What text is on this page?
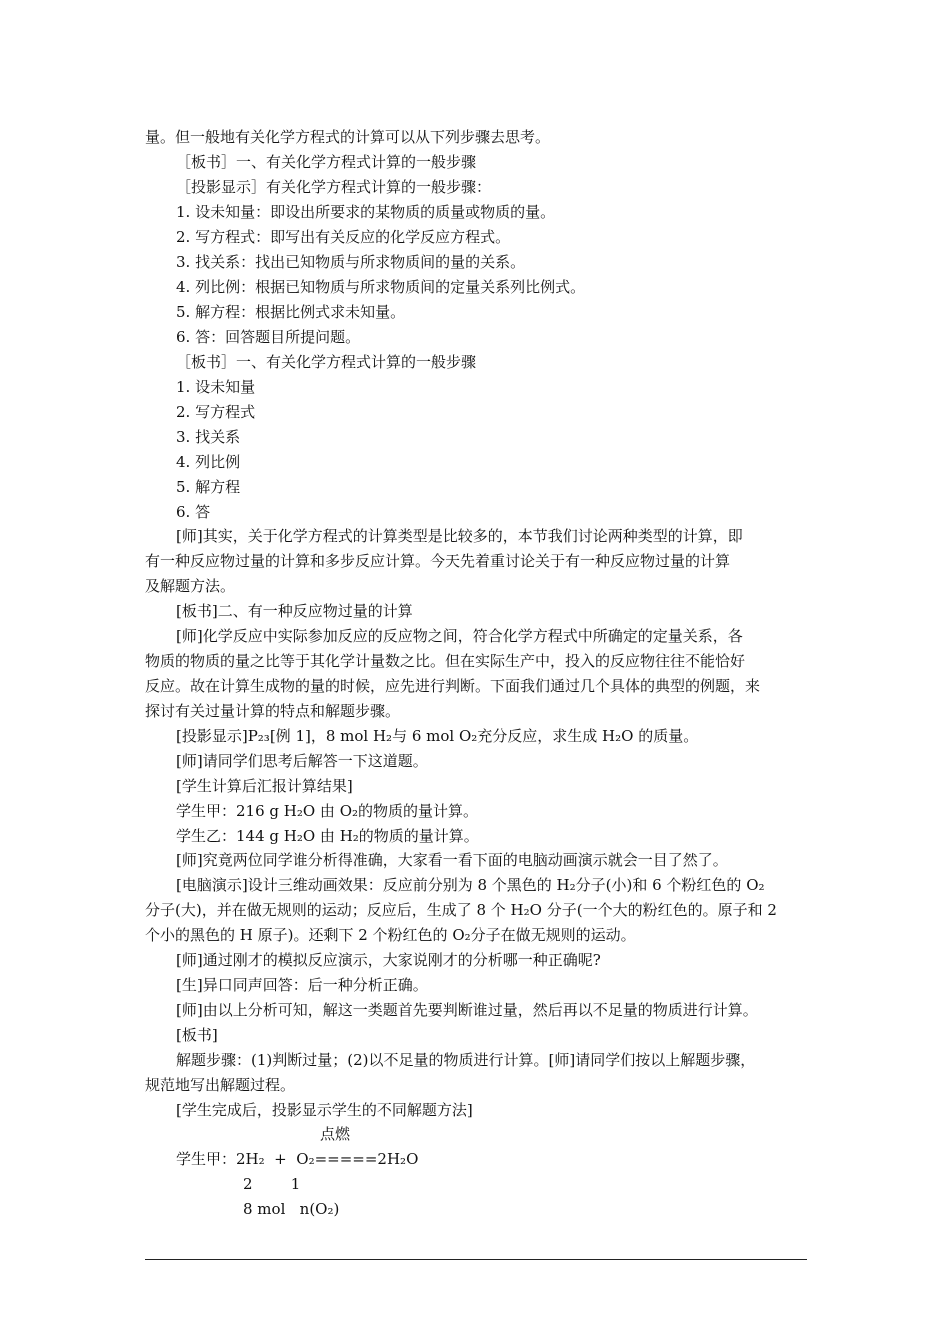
量。但一般地有关化学方程式的计算可以从下列步骤去思考。
［板书］一、有关化学方程式计算的一般步骤
［投影显示］有关化学方程式计算的一般步骤：
1. 设未知量：即设出所要求的某物质的质量或物质的量。
2. 写方程式：即写出有关反应的化学反应方程式。
3. 找关系：找出已知物质与所求物质间的量的关系。
4. 列比例：根据已知物质与所求物质间的定量关系列比例式。
5. 解方程：根据比例式求未知量。
6. 答：回答题目所提问题。
［板书］一、有关化学方程式计算的一般步骤
1. 设未知量
2. 写方程式
3. 找关系
4. 列比例
5. 解方程
6. 答
[师]其实，关于化学方程式的计算类型是比较多的，本节我们讨论两种类型的计算，即
有一种反应物过量的计算和多步反应计算。今天先着重讨论关于有一种反应物过量的计算
及解题方法。
[板书]二、有一种反应物过量的计算
[师]化学反应中实际参加反应的反应物之间，符合化学方程式中所确定的定量关系，各
物质的物质的量之比等于其化学计量数之比。但在实际生产中，投入的反应物往往不能恰好
反应。故在计算生成物的量的时候，应先进行判断。下面我们通过几个具体的典型的例题，来
探讨有关过量计算的特点和解题步骤。
[投影显示]P₂₃[例 1]，8 mol H₂与 6 mol O₂充分反应，求生成 H₂O 的质量。
[师]请同学们思考后解答一下这道题。
[学生计算后汇报计算结果]
学生甲：216 g H₂O 由 O₂的物质的量计算。
学生乙：144 g H₂O 由 H₂的物质的量计算。
[师]究竟两位同学谁分析得准确，大家看一看下面的电脑动画演示就会一目了然了。
[电脑演示]设计三维动画效果：反应前分别为 8 个黑色的 H₂分子(小)和 6 个粉红色的 O₂
分子(大)，并在做无规则的运动；反应后，生成了 8 个 H₂O 分子(一个大的粉红色的。原子和 2
个小的黑色的 H 原子)。还剩下 2 个粉红色的 O₂分子在做无规则的运动。
[师]通过刚才的模拟反应演示，大家说刚才的分析哪一种正确呢?
[生]异口同声回答：后一种分析正确。
[师]由以上分析可知，解这一类题首先要判断谁过量，然后再以不足量的物质进行计算。
[板书]
解题步骤：(1)判断过量；(2)以不足量的物质进行计算。[师]请同学们按以上解题步骤，
规范地写出解题过程。
[学生完成后，投影显示学生的不同解题方法]
点燃
学生甲：2H₂  +  O₂=====2H₂O
2        1
8 mol   n(O₂)
